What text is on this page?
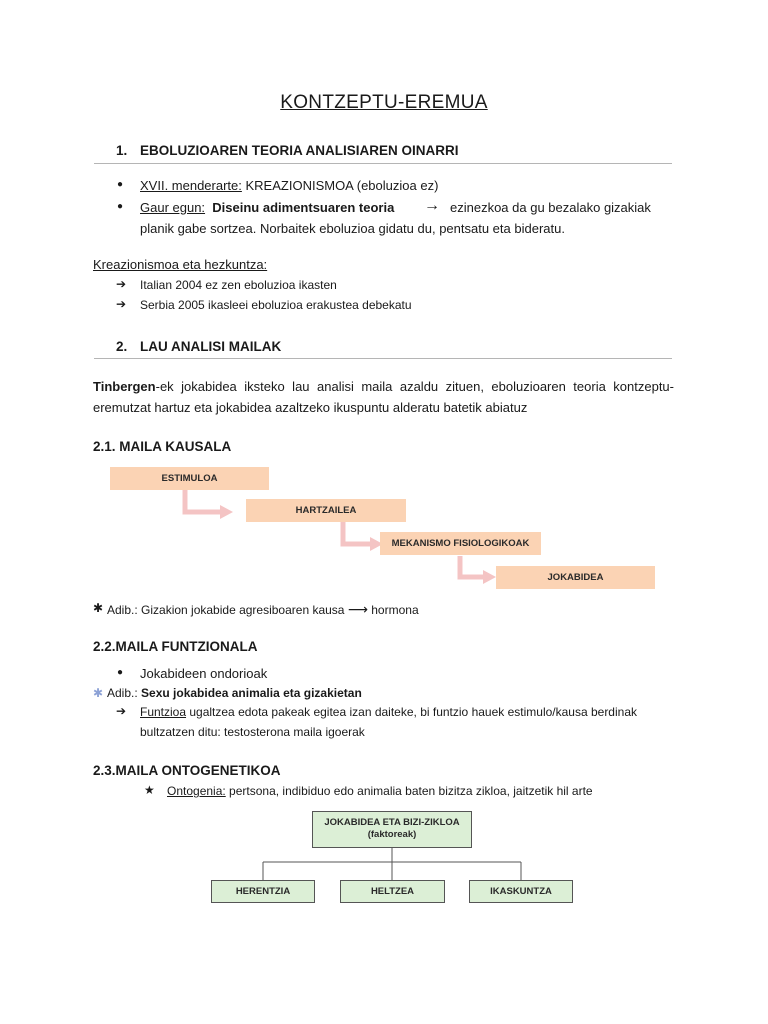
KONTZEPTU-EREMUA
1. EBOLUZIOAREN TEORIA ANALISIAREN OINARRI
● XVII. menderarte: KREAZIONISMOA (eboluzioa ez)
● Gaur egun: Diseinu adimentsuaren teoria → ezinezkoa da gu bezalako gizakiak
planik gabe sortzea. Norbaitek eboluzioa gidatu du, pentsatu eta bideratu.
Kreazionismoa eta hezkuntza:
➔ Italian 2004 ez zen eboluzioa ikasten
➔ Serbia 2005 ikasleei eboluzioa erakustea debekatu
2. LAU ANALISI MAILAK
Tinbergen-ek jokabidea iksteko lau analisi maila azaldu zituen, eboluzioaren teoria kontzeptu-eremutzat hartuz eta jokabidea azaltzeko ikuspuntu alderatu batetik abiatuz
2.1. MAILA KAUSALA
ESTIMULOA
HARTZAILEA
MEKANISMO FISIOLOGIKOAK
JOKABIDEA
✱ Adib.: Gizakion jokabide agresiboaren kausa ⟶ hormona
2.2.MAILA FUNTZIONALA
● Jokabideen ondorioak
✱ Adib.: Sexu jokabidea animalia eta gizakietan
➔ Funtzioa ugaltzea edota pakeak egitea izan daiteke, bi funtzio hauek estimulo/kausa berdinak
bultzatzen ditu: testosterona maila igoerak
2.3.MAILA ONTOGENETIKOA
★ Ontogenia: pertsona, indibiduo edo animalia baten bizitza zikloa, jaitzetik hil arte
JOKABIDEA ETA BIZI-ZIKLOA
(faktoreak)
HERENTZIA	HELTZEA	IKASKUNTZA
